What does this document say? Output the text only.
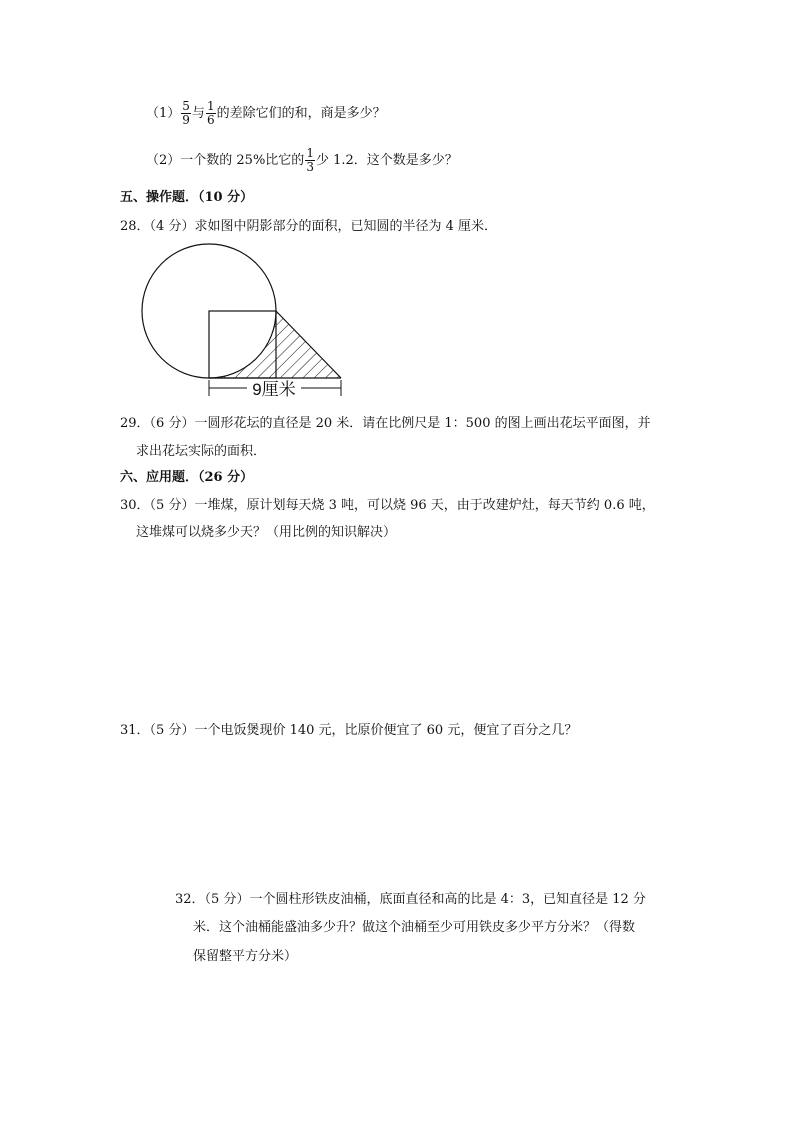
$(1) \frac{5}{9}$ 与 $\frac{1}{6}$ 的差除它们的和，商是多少？
（2）一个数的 25%比它的 $\frac{1}{3}$ 少 1.2．这个数是多少？
五、操作题．（10 分）
28．（4 分）求如图中阴影部分的面积，已知圆的半径为 4 厘米．
9厘米
29．（6 分）一圆形花坛的直径是 20 米．请在比例尺是 1：500 的图上画出花坛平面图，并
求出花坛实际的面积．
六、应用题．（26 分）
30．（5 分）一堆煤，原计划每天烧 3 吨，可以烧 96 天，由于改建炉灶，每天节约 0.6 吨，
这堆煤可以烧多少天？（用比例的知识解决）
31．（5 分）一个电饭煲现价 140 元，比原价便宜了 60 元，便宜了百分之几？
32．（5 分）一个圆柱形铁皮油桶，底面直径和高的比是 4：3，已知直径是 12 分
米．这个油桶能盛油多少升？做这个油桶至少可用铁皮多少平方分米？（得数
保留整平方分米）
